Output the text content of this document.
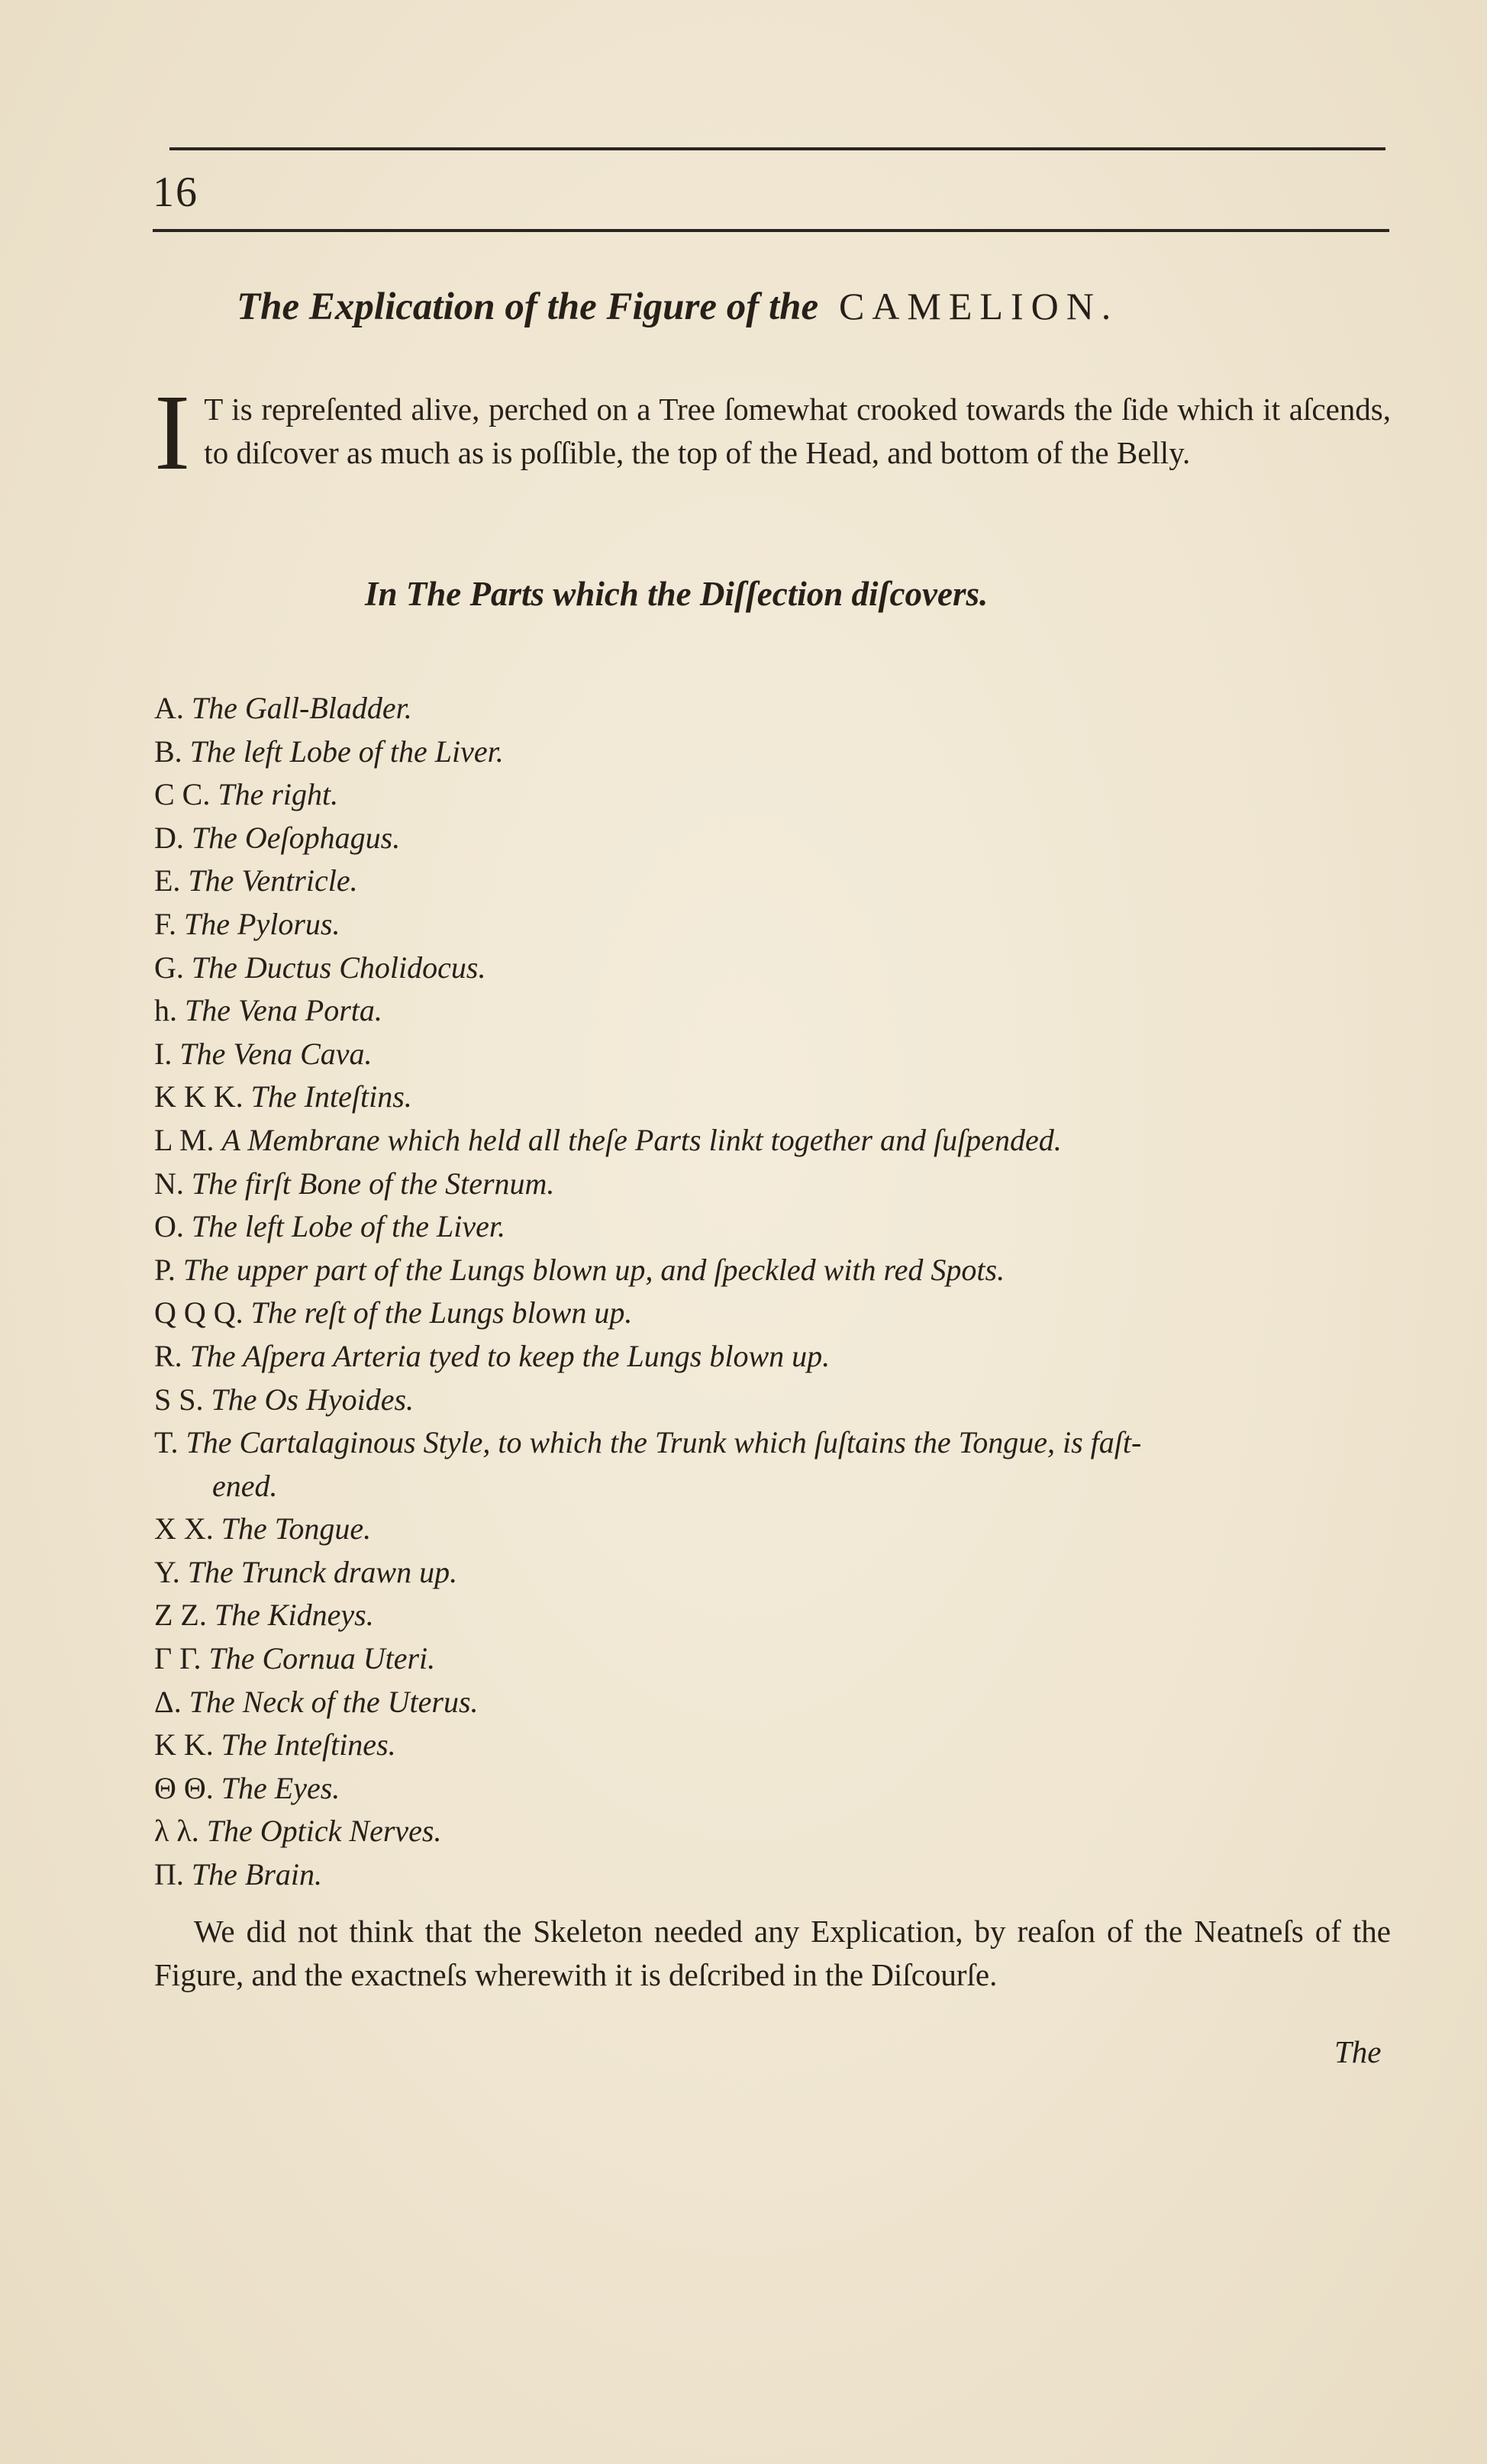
16
The Explication of the Figure of the CAMELION.
I T is repreſented alive, perched on a Tree ſomewhat crooked towards the ſide which it aſcends, to diſcover as much as is poſſible, the top of the Head, and bottom of the Belly.
In The Parts which the Diſſection diſcovers.
A. The Gall-Bladder.
B. The left Lobe of the Liver.
C C. The right.
D. The Oeſophagus.
E. The Ventricle.
F. The Pylorus.
G. The Ductus Cholidocus.
h. The Vena Porta.
I. The Vena Cava.
K K K. The Inteſtins.
L M. A Membrane which held all theſe Parts linkt together and ſuſpended.
N. The firſt Bone of the Sternum.
O. The left Lobe of the Liver.
P. The upper part of the Lungs blown up, and ſpeckled with red Spots.
Q Q Q. The reſt of the Lungs blown up.
R. The Aſpera Arteria tyed to keep the Lungs blown up.
S S. The Os Hyoides.
T. The Cartalaginous Style, to which the Trunk which ſuſtains the Tongue, is faſt-
ened.
X X. The Tongue.
Y. The Trunck drawn up.
Z Z. The Kidneys.
Γ Γ. The Cornua Uteri.
Δ. The Neck of the Uterus.
K K. The Inteſtines.
Θ Θ. The Eyes.
λ λ. The Optick Nerves.
Π. The Brain.
We did not think that the Skeleton needed any Explication, by reaſon of the Neatneſs of the Figure, and the exactneſs wherewith it is deſcribed in the Diſcourſe.
The
